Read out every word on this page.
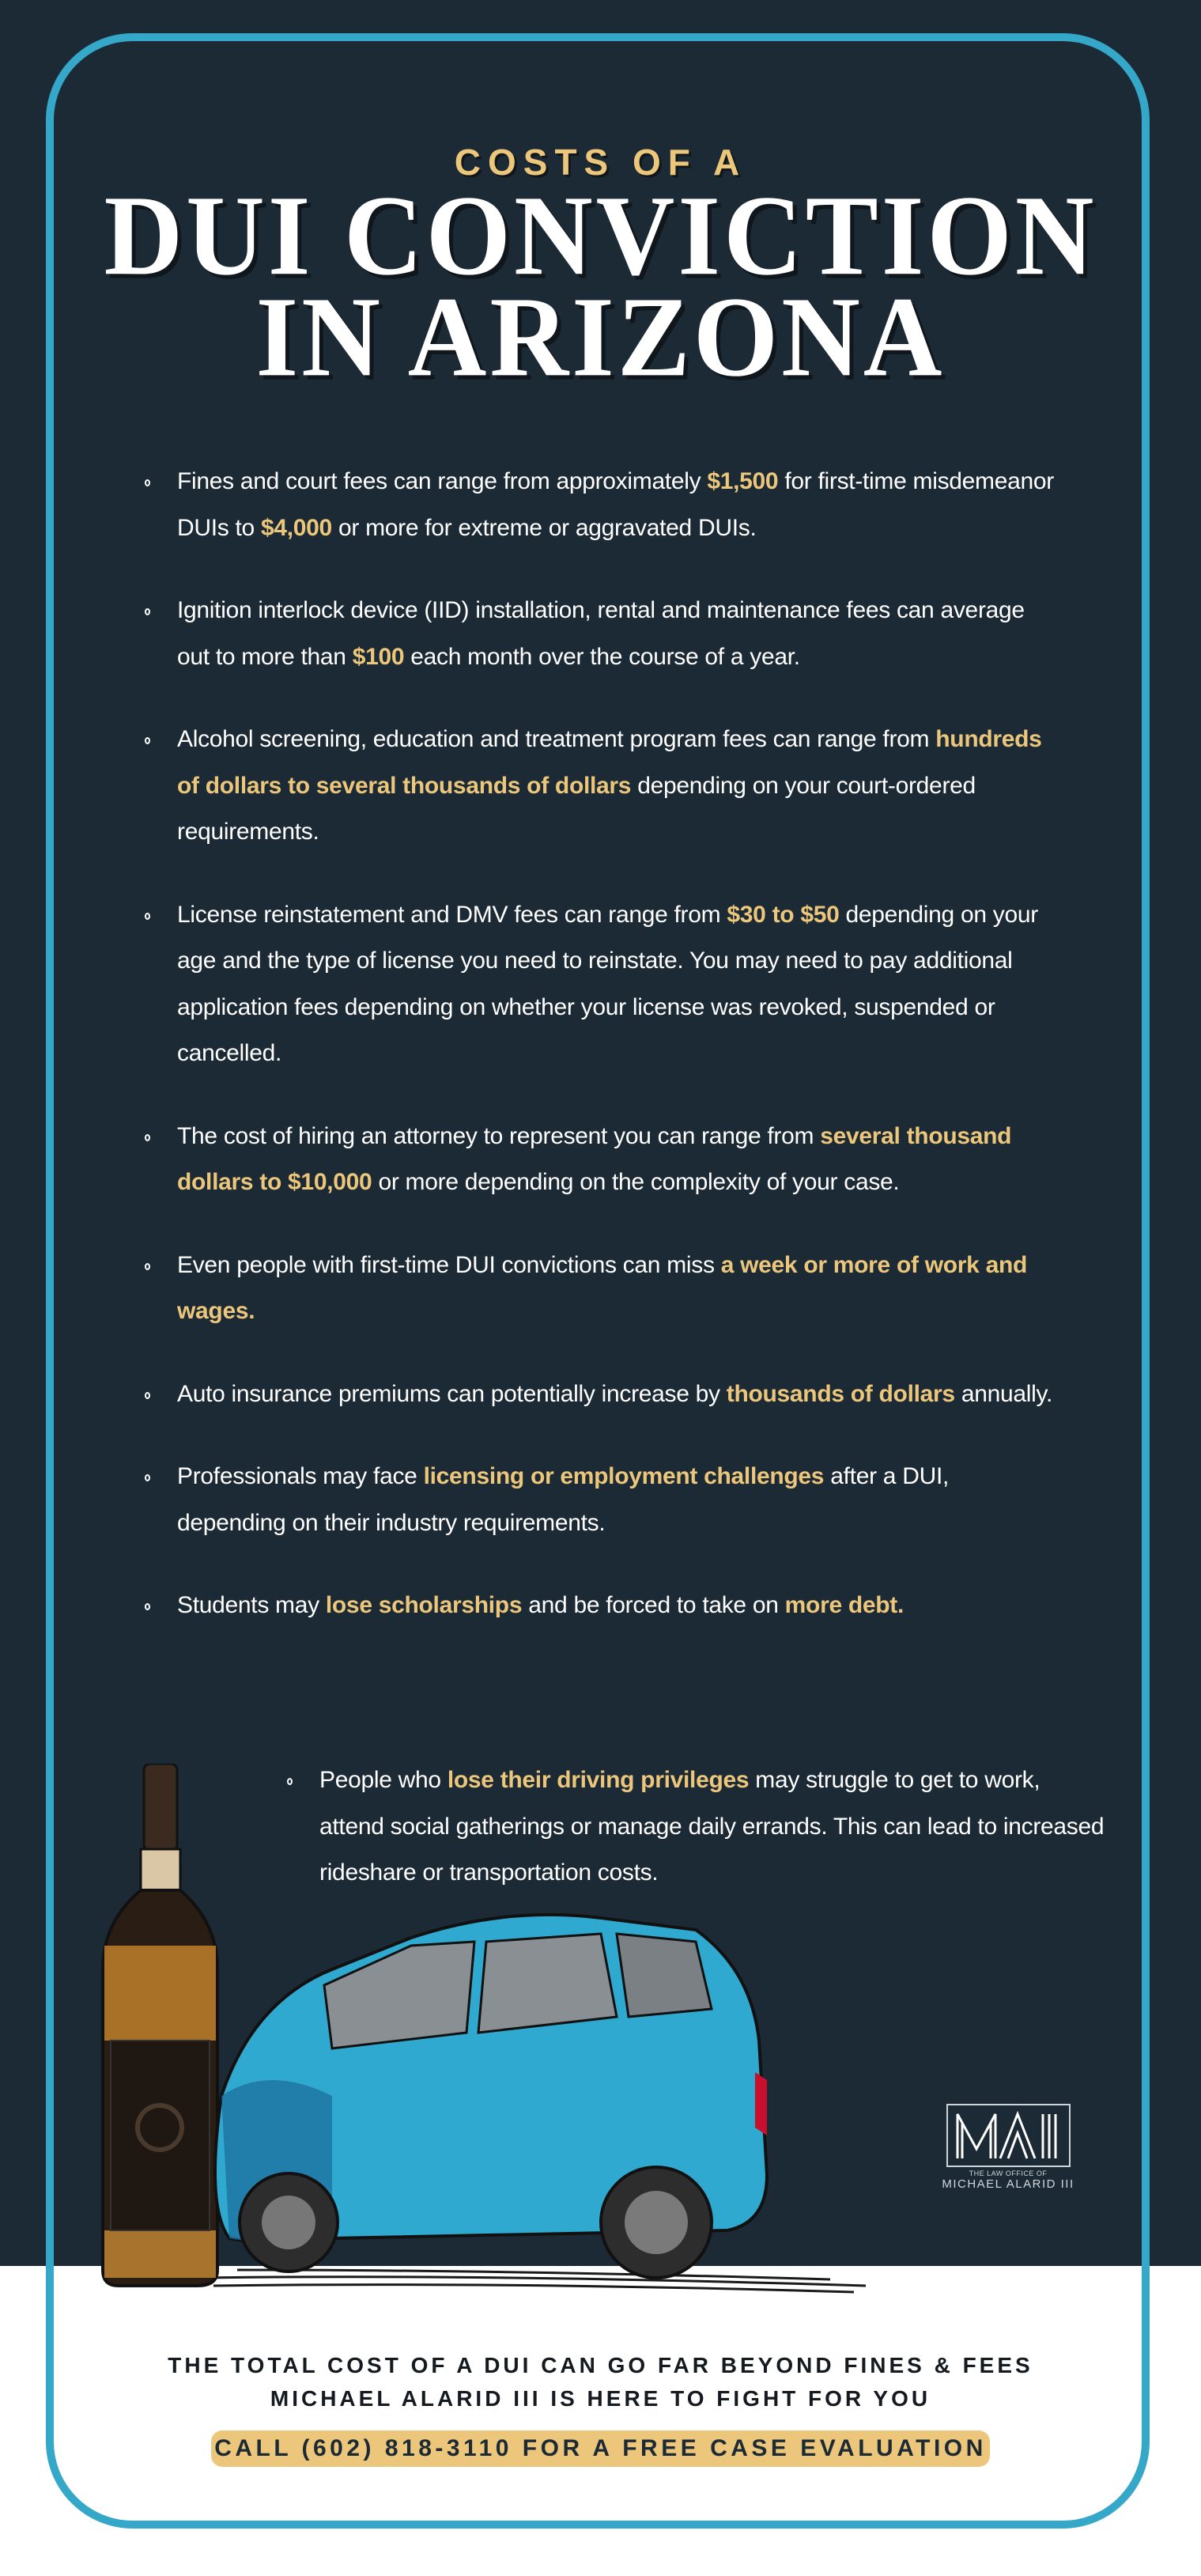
COSTS OF A
DUI CONVICTION
IN ARIZONA
Fines and court fees can range from approximately $1,500 for first-time misdemeanor DUIs to $4,000 or more for extreme or aggravated DUIs.
Ignition interlock device (IID) installation, rental and maintenance fees can average out to more than $100 each month over the course of a year.
Alcohol screening, education and treatment program fees can range from hundreds of dollars to several thousands of dollars depending on your court-ordered requirements.
License reinstatement and DMV fees can range from $30 to $50 depending on your age and the type of license you need to reinstate. You may need to pay additional application fees depending on whether your license was revoked, suspended or cancelled.
The cost of hiring an attorney to represent you can range from several thousand dollars to $10,000 or more depending on the complexity of your case.
Even people with first-time DUI convictions can miss a week or more of work and wages.
Auto insurance premiums can potentially increase by thousands of dollars annually.
Professionals may face licensing or employment challenges after a DUI, depending on their industry requirements.
Students may lose scholarships and be forced to take on more debt.
People who lose their driving privileges may struggle to get to work, attend social gatherings or manage daily errands. This can lead to increased rideshare or transportation costs.
THE LAW OFFICE OF
MICHAEL ALARID III
THE TOTAL COST OF A DUI CAN GO FAR BEYOND FINES & FEES
MICHAEL ALARID III IS HERE TO FIGHT FOR YOU
CALL (602) 818-3110 FOR A FREE CASE EVALUATION
